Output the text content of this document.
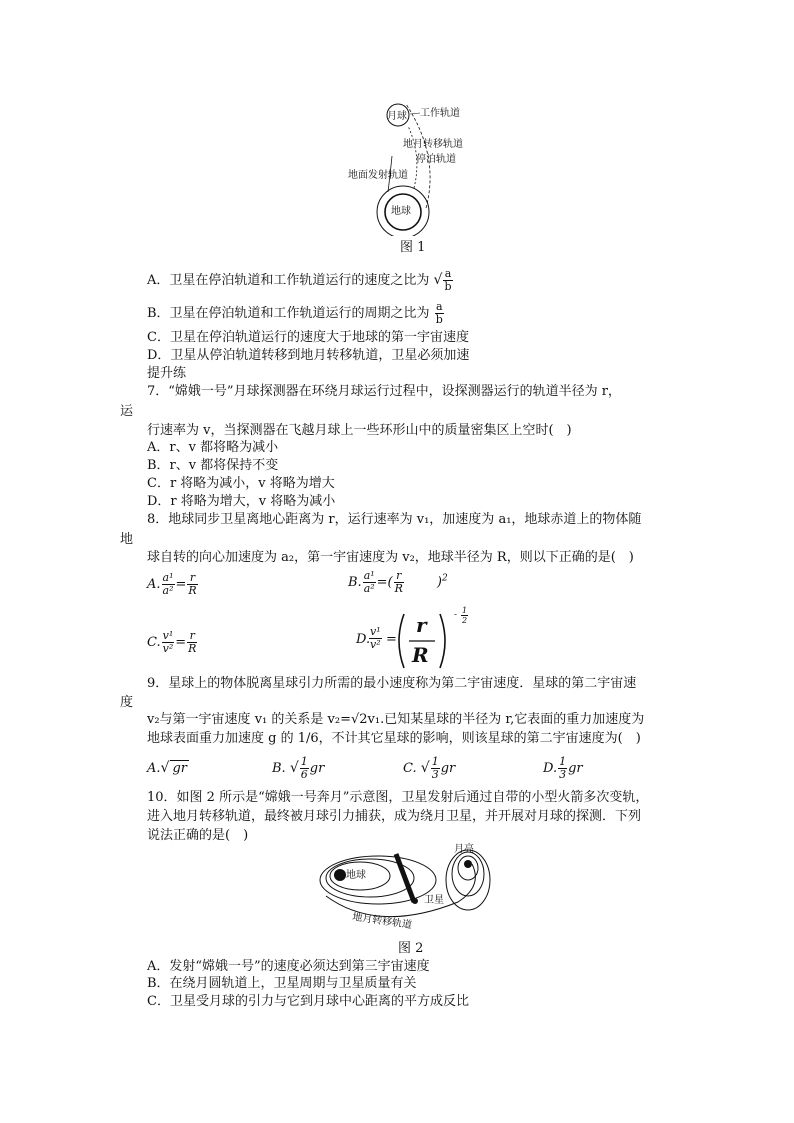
月球 工作轨道
地月转移轨道
停泊轨道
地面发射轨道
地球
图 1
A．卫星在停泊轨道和工作轨道运行的速度之比为 √ $\frac{a}{b}$
B．卫星在停泊轨道和工作轨道运行的周期之比为 $\frac{a}{b}$
C．卫星在停泊轨道运行的速度大于地球的第一宇宙速度
D．卫星从停泊轨道转移到地月转移轨道，卫星必须加速
提升练
7．“嫦娥一号”月球探测器在环绕月球运行过程中，设探测器运行的轨道半径为 r，
运
行速率为 v，当探测器在飞越月球上一些环形山中的质量密集区上空时(　)
A．r、v 都将略为减小
B．r、v 都将保持不变
C．r 将略为减小，v 将略为增大
D．r 将略为增大，v 将略为减小
8．地球同步卫星离地心距离为 r，运行速率为 v₁，加速度为 a₁，地球赤道上的物体随
地
球自转的向心加速度为 a₂，第一宇宙速度为 v₂，地球半径为 R，则以下正确的是(　)
A. $\frac{\text{a¹}}{\text{a²}} = \frac{r}{R}$	B. $\frac{\text{a¹}}{\text{a²}}$ =( $\frac{r}{R}$	)$^2$
C. $\frac{\text{v¹}}{\text{v²}} = \frac{r}{R}$	D.
$\frac{\text{v¹}}{\text{v²}}$ =
r
R
- $\frac{1}{2}$
9．星球上的物体脱离星球引力所需的最小速度称为第二宇宙速度．星球的第二宇宙速
度
v₂与第一宇宙速度 v₁ 的关系是 v₂=√2v₁.已知某星球的半径为 r,它表面的重力加速度为
地球表面重力加速度 g 的 1/6，不计其它星球的影响，则该星球的第二宇宙速度为(　)
A.√ gr	B. √ $\frac{1}{6}$ gr	C. √ $\frac{1}{3}$ gr	D. $\frac{1}{3}$ gr
10．如图 2 所示是“嫦娥一号奔月”示意图，卫星发射后通过自带的小型火箭多次变轨，
进入地月转移轨道，最终被月球引力捕获，成为绕月卫星，并开展对月球的探测．下列
说法正确的是(　)
月亮
地球
卫星
地月转移轨道
图 2
A．发射“嫦娥一号”的速度必须达到第三宇宙速度
B．在绕月圆轨道上，卫星周期与卫星质量有关
C．卫星受月球的引力与它到月球中心距离的平方成反比
